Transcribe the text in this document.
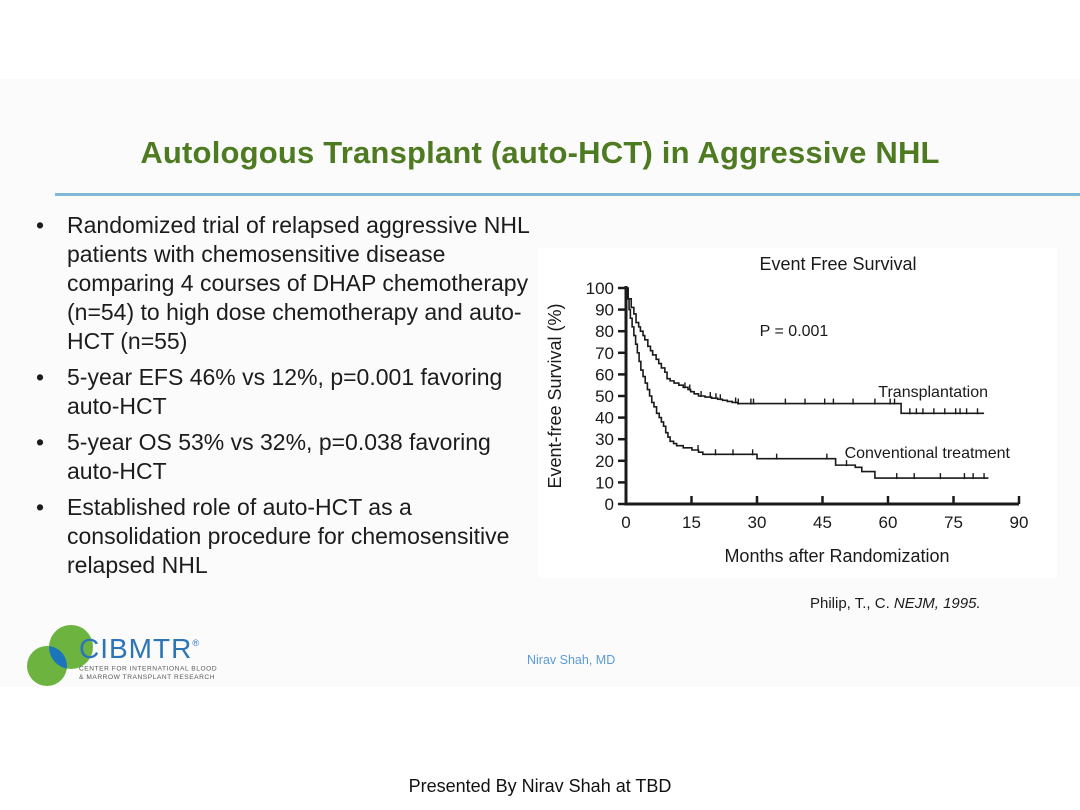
Autologous Transplant (auto-HCT) in Aggressive NHL
• Randomized trial of relapsed aggressive NHL patients with chemosensitive disease comparing 4 courses of DHAP chemotherapy (n=54) to high dose chemotherapy and auto-HCT (n=55)
• 5-year EFS 46% vs 12%, p=0.001 favoring auto-HCT
• 5-year OS 53% vs 32%, p=0.038 favoring auto-HCT
• Established role of auto-HCT as a consolidation procedure for chemosensitive relapsed NHL
Event Free Survival
0
10
20
30
40
50
60
70
80
90
100
0	15	30	45	60	75	90
Months after Randomization
Event-free Survival (%)	P = 0.001
Transplantation
Conventional treatment
Philip, T., C. NEJM, 1995.
Nirav Shah, MD
CIBMTR®
CENTER FOR INTERNATIONAL BLOOD
& MARROW TRANSPLANT RESEARCH
Presented By Nirav Shah at TBD
